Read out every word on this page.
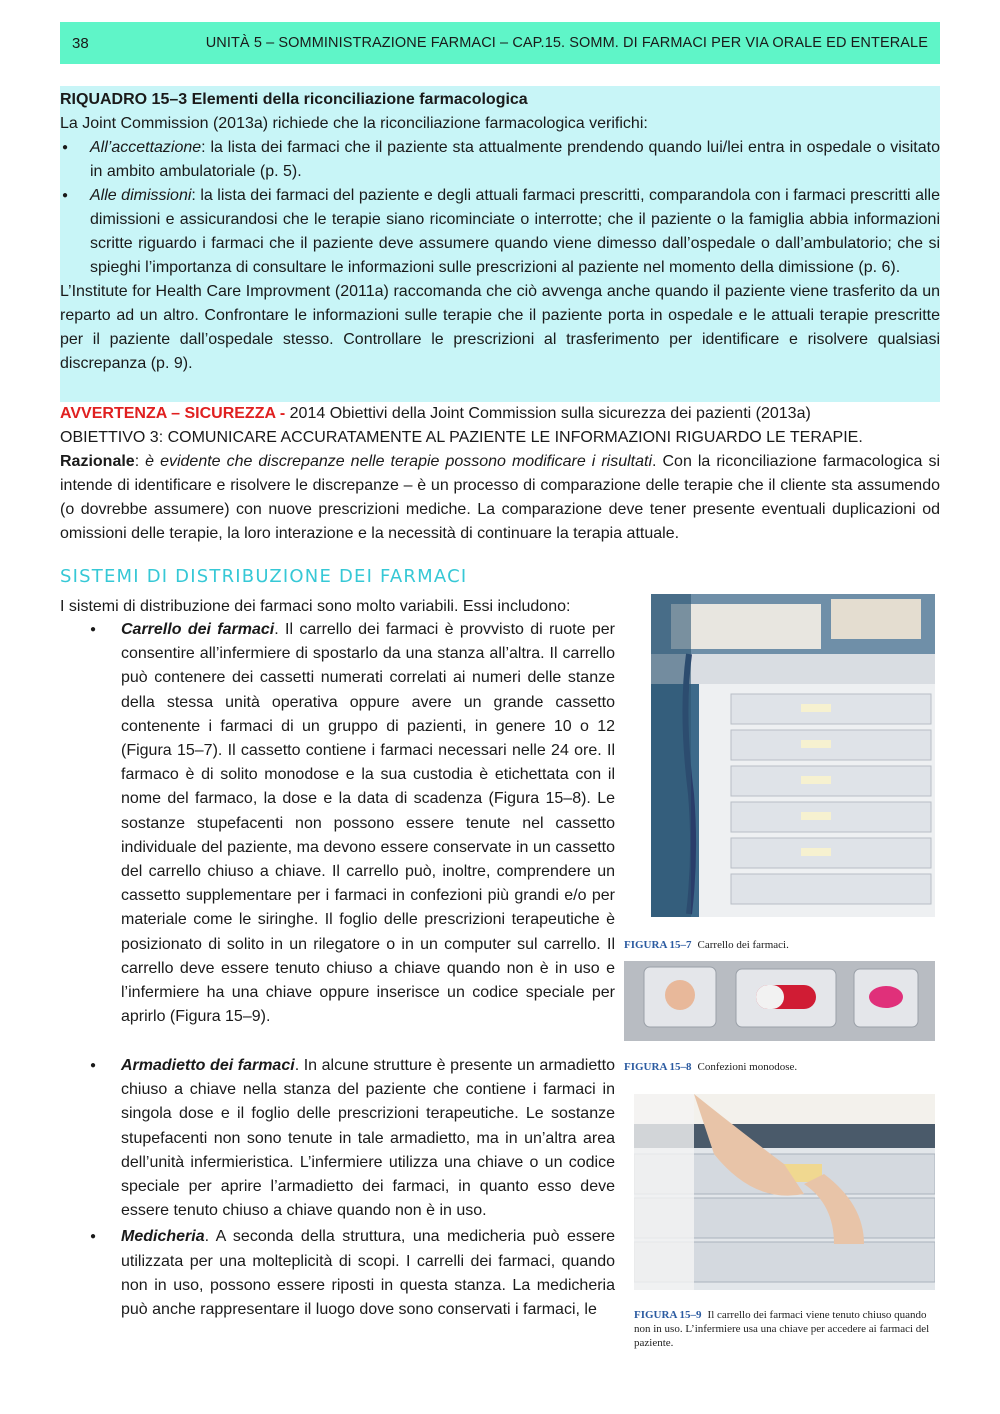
38	UNITÀ 5 – SOMMINISTRAZIONE FARMACI – CAP.15. SOMM. DI FARMACI PER VIA ORALE ED ENTERALE
RIQUADRO 15–3 Elementi della riconciliazione farmacologica

La Joint Commission (2013a) richiede che la riconciliazione farmacologica verifichi:

● All’accettazione: la lista dei farmaci che il paziente sta attualmente prendendo quando lui/lei entra in ospedale o visitato in ambito ambulatoriale (p. 5).
● Alle dimissioni: la lista dei farmaci del paziente e degli attuali farmaci prescritti, comparandola con i farmaci prescritti alle dimissioni e assicurandosi che le terapie siano ricominciate o interrotte; che il paziente o la famiglia abbia informazioni scritte riguardo i farmaci che il paziente deve assumere quando viene dimesso dall’ospedale o dall’ambulatorio; che si spieghi l’importanza di consultare le informazioni sulle prescrizioni al paziente nel momento della dimissione (p. 6).

L’Institute for Health Care Improvment (2011a) raccomanda che ciò avvenga anche quando il paziente viene trasferito da un reparto ad un altro. Confrontare le informazioni sulle terapie che il paziente porta in ospedale e le attuali terapie prescritte per il paziente dall’ospedale stesso. Controllare le prescrizioni al trasferimento per identificare e risolvere qualsiasi discrepanza (p. 9).

AVVERTENZA – SICUREZZA - 2014 Obiettivi della Joint Commission sulla sicurezza dei pazienti (2013a)

OBIETTIVO 3: COMUNICARE ACCURATAMENTE AL PAZIENTE LE INFORMAZIONI RIGUARDO LE TERAPIE.

Razionale: è evidente che discrepanze nelle terapie possono modificare i risultati. Con la riconciliazione farmacologica si intende di identificare e risolvere le discrepanze – è un processo di comparazione delle terapie che il cliente sta assumendo (o dovrebbe assumere) con nuove prescrizioni mediche. La comparazione deve tener presente eventuali duplicazioni od omissioni delle terapie, la loro interazione e la necessità di continuare la terapia attuale.

SISTEMI DI DISTRIBUZIONE DEI FARMACI
I sistemi di distribuzione dei farmaci sono molto variabili. Essi includono:
● Carrello dei farmaci. Il carrello dei farmaci è provvisto di ruote per consentire all’infermiere di spostarlo da una stanza all’altra. Il carrello può contenere dei cassetti numerati correlati ai numeri delle stanze della stessa unità operativa oppure avere un grande cassetto contenente i farmaci di un gruppo di pazienti, in genere 10 o 12 (Figura 15–7). Il cassetto contiene i farmaci necessari nelle 24 ore. Il farmaco è di solito monodose e la sua custodia è etichettata con il nome del farmaco, la dose e la data di scadenza (Figura 15–8). Le sostanze stupefacenti non possono essere tenute nel cassetto individuale del paziente, ma devono essere conservate in un cassetto del carrello chiuso a chiave. Il carrello può, inoltre, comprendere un cassetto supplementare per i farmaci in confezioni più grandi e/o per materiale come le siringhe. Il foglio delle prescrizioni terapeutiche è posizionato di solito in un rilegatore o in un computer sul carrello. Il carrello deve essere tenuto chiuso a chiave quando non è in uso e l’infermiere ha una chiave oppure inserisce un codice speciale per aprirlo (Figura 15–9).
● Armadietto dei farmaci. In alcune strutture è presente un armadietto chiuso a chiave nella stanza del paziente che contiene i farmaci in singola dose e il foglio delle prescrizioni terapeutiche. Le sostanze stupefacenti non sono tenute in tale armadietto, ma in un’altra area dell’unità infermieristica. L’infermiere utilizza una chiave o un codice speciale per aprire l’armadietto dei farmaci, in quanto esso deve essere tenuto chiuso a chiave quando non è in uso.
● Medicheria. A seconda della struttura, una medicheria può essere utilizzata per una molteplicità di scopi. I carrelli dei farmaci, quando non in uso, possono essere riposti in questa stanza. La medicheria può anche rappresentare il luogo dove sono conservati i farmaci, le
FIGURA 15–7 Carrello dei farmaci.
FIGURA 15–8 Confezioni monodose.
FIGURA 15–9 Il carrello dei farmaci viene tenuto chiuso quando non in uso. L’infermiere usa una chiave per accedere ai farmaci del paziente.
